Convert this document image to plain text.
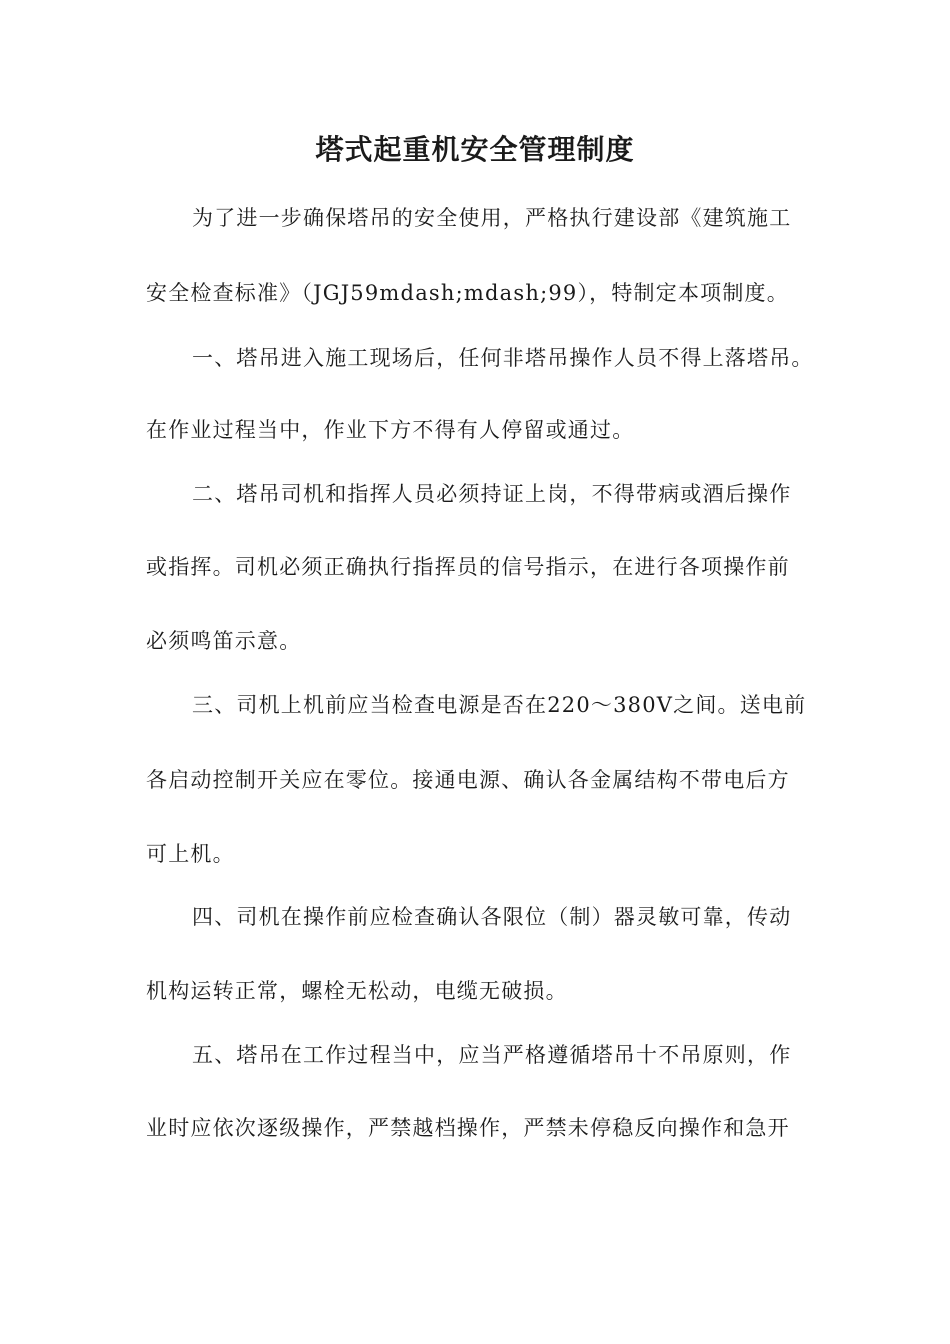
塔式起重机安全管理制度
为了进一步确保塔吊的安全使用，严格执行建设部《建筑施工
安全检查标准》（JGJ59mdash;mdash;99），特制定本项制度。
一、塔吊进入施工现场后，任何非塔吊操作人员不得上落塔吊。
在作业过程当中，作业下方不得有人停留或通过。
二、塔吊司机和指挥人员必须持证上岗，不得带病或酒后操作
或指挥。司机必须正确执行指挥员的信号指示，在进行各项操作前
必须鸣笛示意。
三、司机上机前应当检查电源是否在220～380V之间。送电前
各启动控制开关应在零位。接通电源、确认各金属结构不带电后方
可上机。
四、司机在操作前应检查确认各限位（制）器灵敏可靠，传动
机构运转正常，螺栓无松动，电缆无破损。
五、塔吊在工作过程当中，应当严格遵循塔吊十不吊原则，作
业时应依次逐级操作，严禁越档操作，严禁未停稳反向操作和急开
